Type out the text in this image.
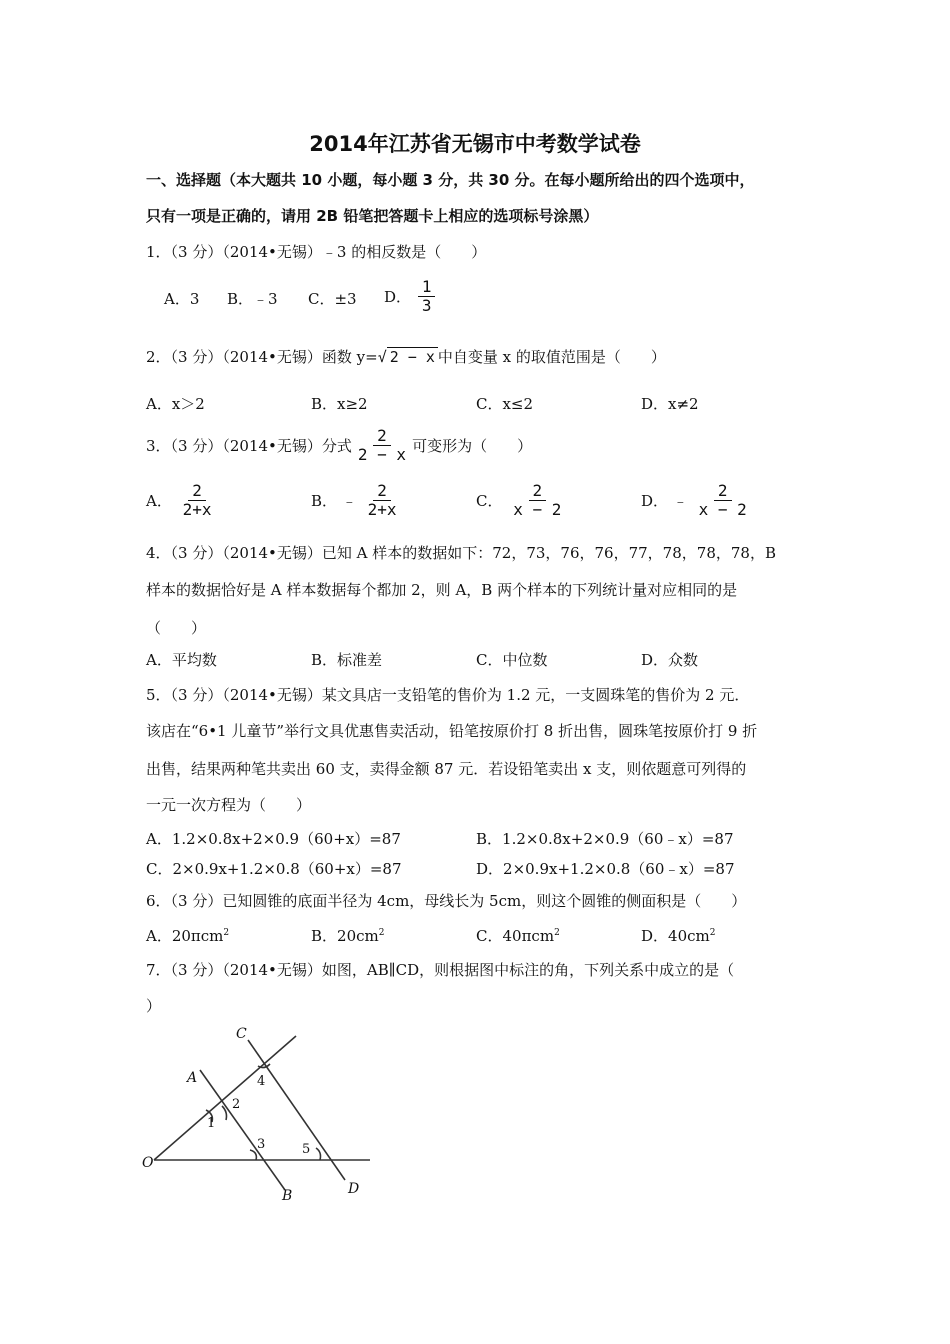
2014年江苏省无锡市中考数学试卷
一、选择题（本大题共 10 小题，每小题 3 分，共 30 分。在每小题所给出的四个选项中，
只有一项是正确的，请用 2B 铅笔把答题卡上相应的选项标号涂黑）
1．（3 分）（2014•无锡）﹣3 的相反数是（　　）
A．3 B．﹣3 C．±3 D． $\frac{1}{3}$
2．（3 分）（2014•无锡）函数 y=√ 2 − x 中自变量 x 的取值范围是（　　）
A．x＞2	B．x≥2	C．x≤2	D．x≠2
3．（3 分）（2014•无锡）分式 $\frac{2}{2 - x}$ 可变形为（　　）
A． $\frac{2}{2+x}$	B． ﹣ $\frac{2}{2+x}$	C． $\frac{2}{x - 2}$	D． ﹣ $\frac{2}{x - 2}$
4．（3 分）（2014•无锡）已知 A 样本的数据如下：72，73，76，76，77，78，78，78，B
样本的数据恰好是 A 样本数据每个都加 2，则 A，B 两个样本的下列统计量对应相同的是
（　　）
A．平均数	B．标准差	C．中位数	D．众数
5．（3 分）（2014•无锡）某文具店一支铅笔的售价为 1.2 元，一支圆珠笔的售价为 2 元．
该店在“6•1 儿童节”举行文具优惠售卖活动，铅笔按原价打 8 折出售，圆珠笔按原价打 9 折
出售，结果两种笔共卖出 60 支，卖得金额 87 元．若设铅笔卖出 x 支，则依题意可列得的
一元一次方程为（　　）
A．1.2×0.8x+2×0.9（60+x）=87	B．1.2×0.8x+2×0.9（60﹣x）=87
C．2×0.9x+1.2×0.8（60+x）=87	D．2×0.9x+1.2×0.8（60﹣x）=87
6．（3 分）已知圆锥的底面半径为 4cm，母线长为 5cm，则这个圆锥的侧面积是（　　）
A．20πcm$^2$	B．$20cm^2$	C．40πcm$^2$	D．$40cm^2$
7．（3 分）（2014•无锡）如图，AB∥CD，则根据图中标注的角，下列关系中成立的是（
）
C
A
O
B	D
2
1
3
4
5
